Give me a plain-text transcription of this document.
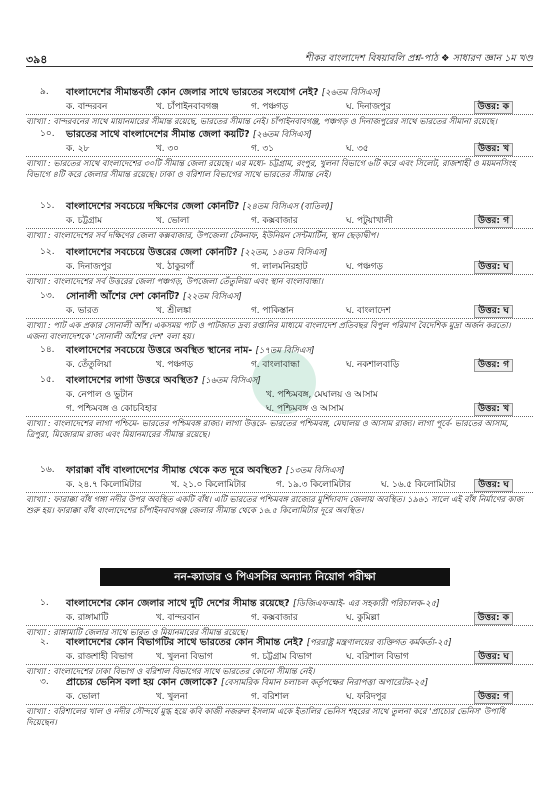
৩৯৪	শীকর বাংলাদেশ বিষয়াবলি প্রশ্ন-পাঠ ❖ সাধারণ জ্ঞান ১ম খণ্ড
৯. বাংলাদেশের সীমান্তবর্তী কোন জেলার সাথে ভারতের সংযোগ নেই? [২৬তম বিসিএস]
ক. বান্দরবন	খ. চাঁপাইনবাবগঞ্জ	গ. পঞ্চগড়	ঘ. দিনাজপুর	উত্তর: ক
ব্যাখ্যা : বান্দরবনের সাথে মায়ানমারের সীমান্ত রয়েছে, ভারতের সীমান্ত নেই। চাঁপাইনবাবগঞ্জ, পঞ্চগড় ও দিনাজপুরের সাথে ভারতের সীমানা রয়েছে।
১০. ভারতের সাথে বাংলাদেশের সীমান্ত জেলা কয়টি? [২৬তম বিসিএস]
ক. ২৮	খ. ৩০	গ. ৩১	ঘ. ৩৫	উত্তর: খ
ব্যাখ্যা : ভারতের সাথে বাংলাদেশের ৩০টি সীমান্ত জেলা রয়েছে। এর মধ্যে- চট্টগ্রাম, রংপুর, খুলনা বিভাগে ৬টি করে এবং সিলেট, রাজশাহী ও ময়মনসিংহ বিভাগে ৪টি করে জেলার সীমান্ত রয়েছে। ঢাকা ও বরিশাল বিভাগের সাথে ভারতের সীমান্ত নেই।
১১. বাংলাদেশের সবচেয়ে দক্ষিণের জেলা কোনটি? [২৪তম বিসিএস (বাতিল)]
ক. চট্টগ্রাম	খ. ভোলা	গ. কক্সবাজার	ঘ. পটুয়াখালী	উত্তর: গ
ব্যাখ্যা : বাংলাদেশের সর্ব দক্ষিণের জেলা কক্সবাজার, উপজেলা টেকনাফ, ইউনিয়ন সেন্টমার্টিন, স্থান ছেড়াদ্বীপ।
১২. বাংলাদেশের সবচেয়ে উত্তরের জেলা কোনটি? [২২তম, ১৪তম বিসিএস]
ক. দিনাজপুর	খ. ঠাকুরগাঁ	গ. লালমনিরহাট	ঘ. পঞ্চগড়	উত্তর: ঘ
ব্যাখ্যা : বাংলাদেশের সর্ব উত্তরের জেলা পঞ্চগড়, উপজেলা তেঁতুলিয়া এবং স্থান বাংলাবান্ধা।
১৩. সোনালী আঁশের দেশ কোনটি? [২২তম বিসিএস]
ক. ভারত	খ. শ্রীলঙ্কা	গ. পাকিস্তান	ঘ. বাংলাদেশ	উত্তর: ঘ
ব্যাখ্যা : পাট এক প্রকার সোনালী আঁশ। একসময় পাট ও পাটজাত দ্রব্য রপ্তানির মাধ্যমে বাংলাদেশ প্রতিবছর বিপুল পরিমাণ বৈদেশিক মুদ্রা অর্জন করতো। এজন্য বাংলাদেশকে 'সোনালী আঁশের দেশ' বলা হয়।
১৪. বাংলাদেশের সবচেয়ে উত্তরে অবস্থিত স্থানের নাম- [১৭তম বিসিএস]
ক. তেঁতুলিয়া	খ. পঞ্চগড়	গ. বাংলাবান্ধা	ঘ. নকশালবাড়ি	উত্তর: গ
১৫. বাংলাদেশের লাগা উত্তরে অবস্থিত? [১৬তম বিসিএস]
ক. নেপাল ও ভুটান	খ. পশ্চিমবঙ্গ, মেঘালয় ও আসাম
গ. পশ্চিমবঙ্গ ও কোচবিহার	ঘ. পশ্চিমবঙ্গ ও আসাম	উত্তর: খ
ব্যাখ্যা : বাংলাদেশের লাগা পশ্চিমে- ভারতের পশ্চিমবঙ্গ রাজ্য। লাগা উত্তরে- ভারতের পশ্চিমবঙ্গ, মেঘালয় ও আসাম রাজ্য। লাগা পূর্বে- ভারতের আসাম, ত্রিপুরা, মিজোরাম রাজ্য এবং মিয়ানমারের সীমান্ত রয়েছে।
১৬. ফারাক্কা বাঁধ বাংলাদেশের সীমান্ত থেকে কত দূরে অবস্থিত? [১৩তম বিসিএস]
ক. ২৪.৭ কিলোমিটার	খ. ২১.০ কিলোমিটার	গ. ১৯.৩ কিলোমিটার	ঘ. ১৬.৫ কিলোমিটার	উত্তর: ঘ
ব্যাখ্যা : ফারাক্কা বাঁধ গঙ্গা নদীর উপর অবস্থিত একটি বাঁধ। এটি ভারতের পশ্চিমবঙ্গ রাজ্যের মুর্শিদাবাদ জেলায় অবস্থিত। ১৯৬১ সালে এই বাঁধ নির্মাণের কাজ শুরু হয়। ফারাক্কা বাঁধ বাংলাদেশের চাঁপাইনবাবগঞ্জ জেলার সীমান্ত থেকে ১৬.৫ কিলোমিটার দূরে অবস্থিত।
নন-ক্যাডার ও পিএসসির অন্যান্য নিয়োগ পরীক্ষা
১. বাংলাদেশের কোন জেলার সাথে দুটি দেশের সীমান্ত রয়েছে? [ডিজিএফআই- এর সহকারী পরিচালক-২৫]
ক. রাঙ্গামাটি	খ. বান্দরবান	গ. কক্সবাজার	ঘ. কুমিল্লা	উত্তর: ক
ব্যাখ্যা : রাঙ্গামাটি জেলার সাথে ভারত ও মিয়ানমারের সীমান্ত রয়েছে।
২. বাংলাদেশের কোন বিভাগটির সাথে ভারতের কোন সীমান্ত নেই? [পররাষ্ট্র মন্ত্রণালয়ের ব্যক্তিগত কর্মকর্তা-২৫]
ক. রাজশাহী বিভাগ	খ. খুলনা বিভাগ	গ. চট্টগ্রাম বিভাগ	ঘ. বরিশাল বিভাগ	উত্তর: ঘ
ব্যাখ্যা : বাংলাদেশের ঢাকা বিভাগ ও বরিশাল বিভাগের সাথে ভারতের কোনো সীমান্ত নেই।
৩. প্রাচ্যের ভেনিস বলা হয় কোন জেলাকে? [বেসামরিক বিমান চলাচল কর্তৃপক্ষের নিরাপত্তা অপারেটর-২৫]
ক. ভোলা	খ. খুলনা	গ. বরিশাল	ঘ. ফরিদপুর	উত্তর: গ
ব্যাখ্যা : বরিশালের খাল ও নদীর সৌন্দর্যে মুগ্ধ হয়ে কবি কাজী নজরুল ইসলাম একে ইতালির ভেনিস শহরের সাথে তুলনা করে 'প্রাচ্যের ভেনিস' উপাধি দিয়েছেন।
